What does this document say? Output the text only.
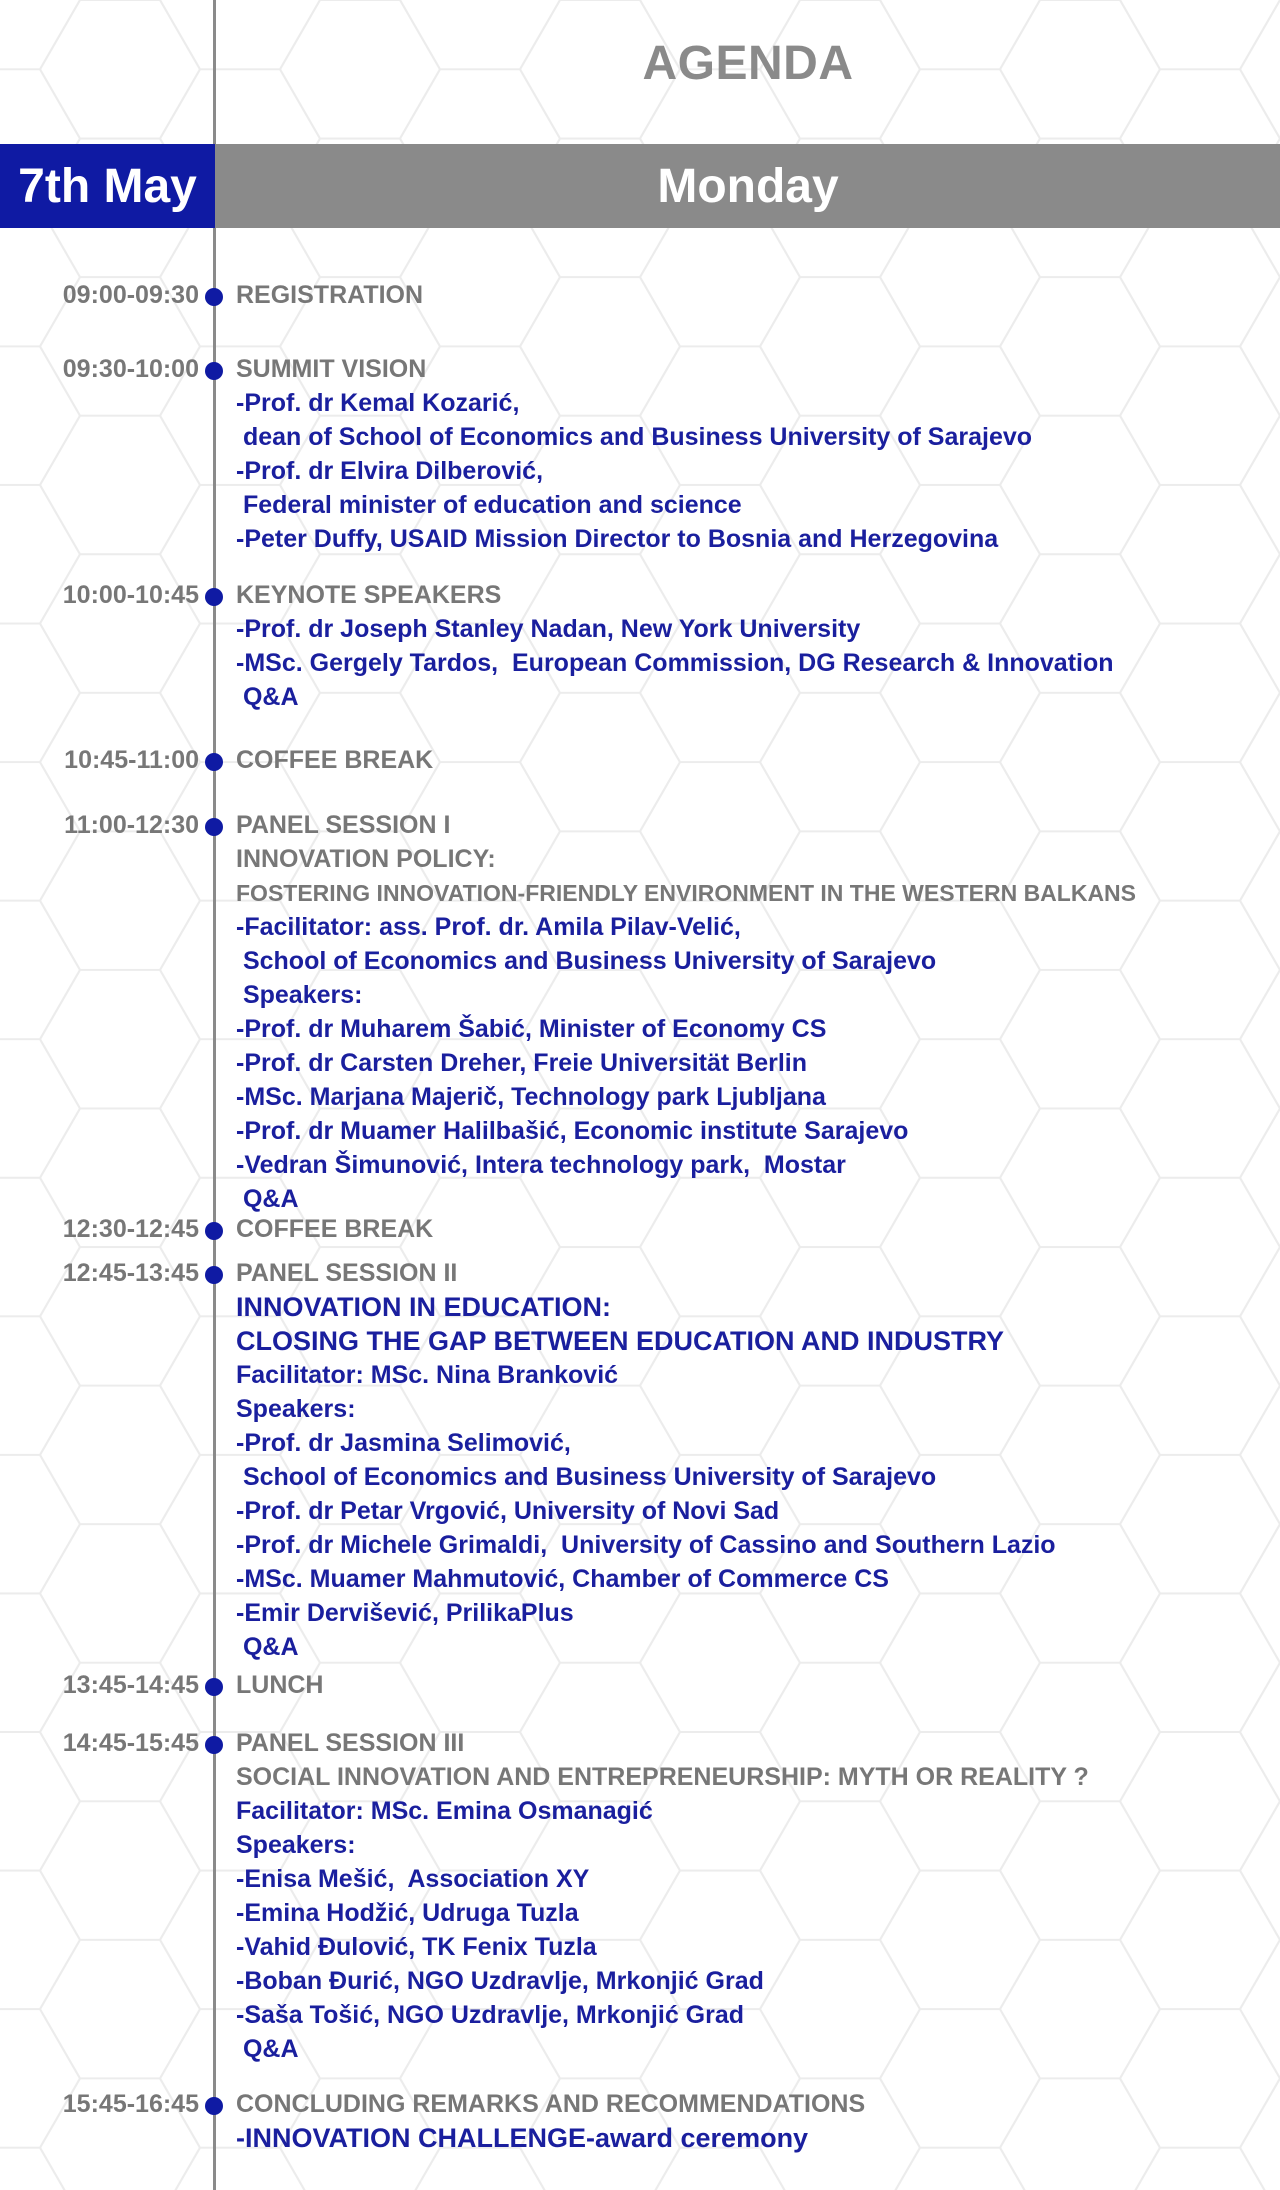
AGENDA
7th May	Monday
09:00-09:30 REGISTRATION
09:30-10:00 SUMMIT VISION
-Prof. dr Kemal Kozarić,
dean of School of Economics and Business University of Sarajevo
-Prof. dr Elvira Dilberović,
Federal minister of education and science
-Peter Duffy, USAID Mission Director to Bosnia and Herzegovina
10:00-10:45 KEYNOTE SPEAKERS
-Prof. dr Joseph Stanley Nadan, New York University
-MSc. Gergely Tardos,  European Commission, DG Research & Innovation
Q&A
10:45-11:00 COFFEE BREAK
11:00-12:30 PANEL SESSION I
INNOVATION POLICY:
FOSTERING INNOVATION-FRIENDLY ENVIRONMENT IN THE WESTERN BALKANS
-Facilitator: ass. Prof. dr. Amila Pilav-Velić,
School of Economics and Business University of Sarajevo
Speakers:
-Prof. dr Muharem Šabić, Minister of Economy CS
-Prof. dr Carsten Dreher, Freie Universität Berlin
-MSc. Marjana Majerič, Technology park Ljubljana
-Prof. dr Muamer Halilbašić, Economic institute Sarajevo
-Vedran Šimunović, Intera technology park,  Mostar
Q&A
12:30-12:45 COFFEE BREAK
12:45-13:45 PANEL SESSION II
INNOVATION IN EDUCATION:
CLOSING THE GAP BETWEEN EDUCATION AND INDUSTRY
Facilitator: MSc. Nina Branković
Speakers:
-Prof. dr Jasmina Selimović,
School of Economics and Business University of Sarajevo
-Prof. dr Petar Vrgović, University of Novi Sad
-Prof. dr Michele Grimaldi,  University of Cassino and Southern Lazio
-MSc. Muamer Mahmutović, Chamber of Commerce CS
-Emir Dervišević, PrilikaPlus
Q&A
13:45-14:45 LUNCH
14:45-15:45 PANEL SESSION III
SOCIAL INNOVATION AND ENTREPRENEURSHIP: MYTH OR REALITY ?
Facilitator: MSc. Emina Osmanagić
Speakers:
-Enisa Mešić,  Association XY
-Emina Hodžić, Udruga Tuzla
-Vahid Đulović, TK Fenix Tuzla
-Boban Đurić, NGO Uzdravlje, Mrkonjić Grad
-Saša Tošić, NGO Uzdravlje, Mrkonjić Grad
Q&A
15:45-16:45 CONCLUDING REMARKS AND RECOMMENDATIONS
-INNOVATION CHALLENGE-award ceremony
